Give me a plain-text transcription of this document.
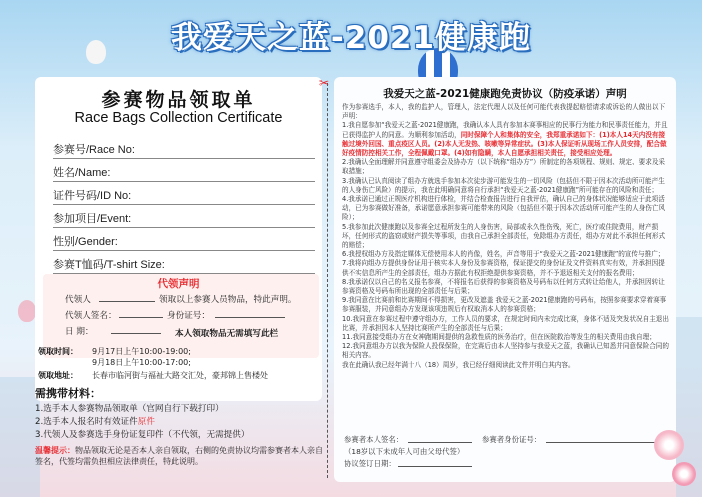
我爱天之蓝-2021健康跑
参赛物品领取单
Race Bags Collection Certificate
参赛号/Race No:
姓名/Name:
证件号码/ID No:
参加项目/Event:
性别/Gender:
参赛T恤码/T-shirt Size:
代领声明
代领人	领取以上参赛人员物品，特此声明。
代领人签名：	身份证号：
日 期：	本人领取物品无需填写此栏
领取时间： 9月17日上午10:00-19:00;
9月18日上午10:00-17:00;
领取地址： 长春市临河街与福祉大路交汇处，豪邦锦上售楼处
需携带材料：
1.选手本人参赛物品领取单（官网自行下载打印）
2.选手本人报名时有效证件原件
3.代领人及参赛选手身份证复印件（不代领，无需提供）
温馨提示：物品领取无论是否本人亲自领取，右侧的免责协议均需参赛者本人亲自签名，代签均需负担相应法律责任，特此说明。
✂
我爱天之蓝-2021健康跑免责协议（防疫承诺）声明

作为参赛选手，本人，我的监护人，管理人，法定代理人以及任何可能代表我提起赔偿请求或诉讼的人做出以下声明：

1.我自愿参加“我爱天之蓝-2021健康跑，我确认本人具有参加本赛事相应的民事行为能力和民事责任能力，并且已获得监护人的同意。为顺利参加活动，同时保障个人和集体的安全，我郑重承诺如下：(1)本人14天内没有接触过境外回国、重点疫区人员。(2)本人无发热、咳嗽等异常症状。(3)本人保证听从现场工作人员安排，配合做好疫情防控相关工作，全程佩戴口罩。(4)如有隐瞒，本人自愿承担相关责任，接受相应处理。

2.我确认全面理解并同意遵守组委会及协办方（以下统称“组办方”）所制定的各项规程、规则、规定、要求及采取措施；

3.我确认已认真阅读了组办方就选手参加本次徒步游可能发生的一切风险（包括但不限于因本次活动所可能产生的人身伤亡风险）的提示，我在此明确同意将自行承担“我爱天之蓝-2021健康跑”所可能存在的风险和责任；

4.我承诺已通过正规医疗机构进行体检，并结合检查报告进行自我评估，确认自己的身体状况能够适应于此项活动，已为参赛做好准备，承诺愿意承担参赛可能带来的风险（包括但不限于因本次活动所可能产生的人身伤亡风险）；

5.我参加此次健康跑以及参赛全过程所发生的人身伤害，局部或永久性伤残，死亡，医疗或住院费用，财产损坏，任何形式的盗窃或财产损失等事项，由我自己承担全部责任，免除组办方责任，组办方对此不承担任何形式的赔偿；

6.我授权组办方及指定媒体无偿使用本人的肖像，姓名，声音等用于“我爱天之蓝-2021健康跑”的宣传与推广；

7.我将向组办方提供身份证用于核实本人身份及参赛资格，保证提交的身份证及文件资料真实有效，并承担因提供不实信息所产生的全部责任，组办方据此有权拒绝提供参赛资格，并不予退返相关支付的报名费用；

8.我承诺仅以自己的名义报名参赛，不将报名后获得的参赛资格及号码布以任何方式转让给他人，并承担因转让参赛资格及号码布所出现的全部责任与后果；

9.我同意在比赛前和比赛期间不得损害，更改及遮盖 我爱天之蓝-2021健康跑的号码布，按照参赛要求穿着赛事参赛服装，并同意组办方发现该项违规后有权取消本人的参赛资格；

10.我同意在参赛过程中遵守组办方，工作人员的要求，在规定时间内未完成比赛，身体不适及突发状况自主退出比赛，并承担因本人坚持比赛所产生的全部责任与后果；

11.我同意接受组办方在女神跑期间提供的急救性质的医务治疗，但在医院救治等发生的相关费用由我自理；

12.我同意组办方以我为保险人投保保险，在完赛后由本人坚持参与我爱天之蓝，我确认已知悉并同意保险合同的相关内容。

我在此确认我已经年满十八（18）周岁，我已经仔细阅读此文件并明白其内容。

参赛者本人签名：	参赛者身份证号：
（18岁以下未成年人可由父母代签）
协议签订日期：
